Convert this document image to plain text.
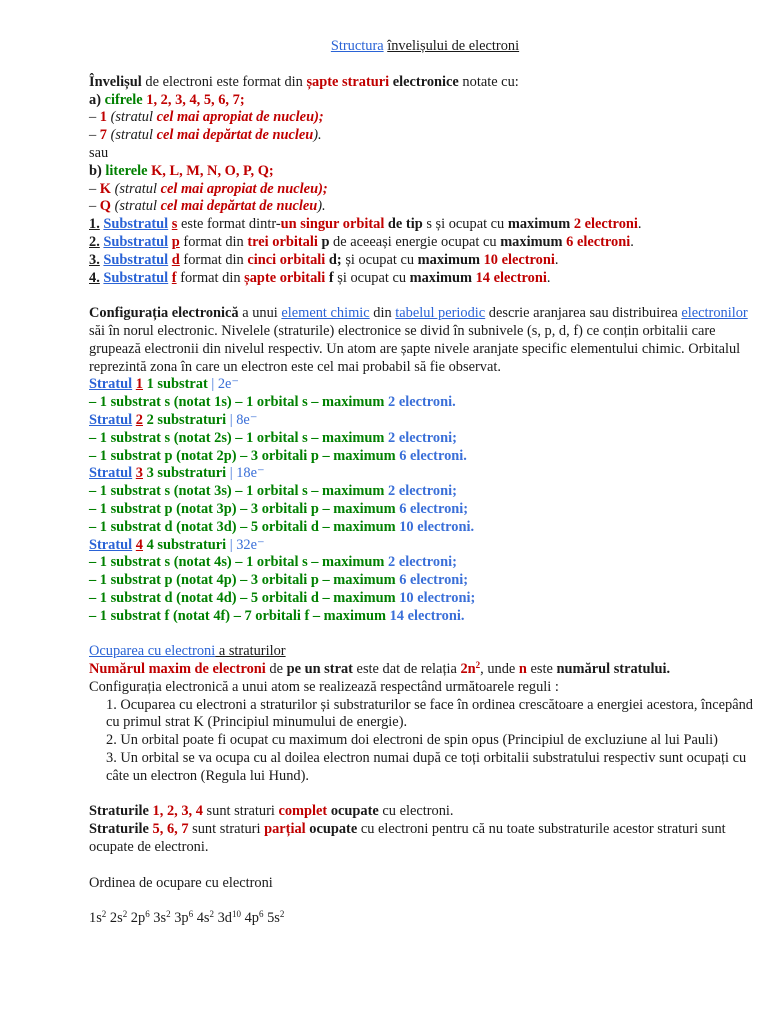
Structura învelișului de electroni
Învelișul de electroni este format din șapte straturi electronice notate cu:
a) cifrele 1, 2, 3, 4, 5, 6, 7;
– 1 (stratul cel mai apropiat de nucleu);
– 7 (stratul cel mai depărtat de nucleu).
sau
b) literele K, L, M, N, O, P, Q;
– K (stratul cel mai apropiat de nucleu);
– Q (stratul cel mai depărtat de nucleu).
1. Substratul s este format dintr-un singur orbital de tip s și ocupat cu maximum 2 electroni.
2. Substratul p format din trei orbitali p de aceeași energie ocupat cu maximum 6 electroni.
3. Substratul d format din cinci orbitali d; și ocupat cu maximum 10 electroni.
4. Substratul f format din șapte orbitali f și ocupat cu maximum 14 electroni.
Configurația electronică a unui element chimic din tabelul periodic descrie aranjarea sau distribuirea electronilor săi în norul electronic. Nivelele (straturile) electronice se divid în subnivele (s, p, d, f) ce conțin orbitalii care grupează electronii din nivelul respectiv. Un atom are șapte nivele aranjate specific elementului chimic. Orbitalul reprezintă zona în care un electron este cel mai probabil să fie observat.
Stratul 1 1 substrat | 2e⁻
– 1 substrat s (notat 1s) – 1 orbital s – maximum 2 electroni.
Stratul 2 2 substraturi | 8e⁻
– 1 substrat s (notat 2s) – 1 orbital s – maximum 2 electroni;
– 1 substrat p (notat 2p) – 3 orbitali p – maximum 6 electroni.
Stratul 3 3 substraturi | 18e⁻
– 1 substrat s (notat 3s) – 1 orbital s – maximum 2 electroni;
– 1 substrat p (notat 3p) – 3 orbitali p – maximum 6 electroni;
– 1 substrat d (notat 3d) – 5 orbitali d – maximum 10 electroni.
Stratul 4 4 substraturi | 32e⁻
– 1 substrat s (notat 4s) – 1 orbital s – maximum 2 electroni;
– 1 substrat p (notat 4p) – 3 orbitali p – maximum 6 electroni;
– 1 substrat d (notat 4d) – 5 orbitali d – maximum 10 electroni;
– 1 substrat f (notat 4f) – 7 orbitali f – maximum 14 electroni.
Ocuparea cu electroni a straturilor
Numărul maxim de electroni de pe un strat este dat de relația $2n^2$, unde n este numărul stratului.
Configurația electronică a unui atom se realizează respectând următoarele reguli :
1. Ocuparea cu electroni a straturilor și substraturilor se face în ordinea crescătoare a energiei acestora, începând cu primul strat K (Principiul minumului de energie).
2. Un orbital poate fi ocupat cu maximum doi electroni de spin opus (Principiul de excluziune al lui Pauli)
3. Un orbital se va ocupa cu al doilea electron numai după ce toți orbitalii substratului respectiv sunt ocupați cu câte un electron (Regula lui Hund).
Straturile 1, 2, 3, 4 sunt straturi complet ocupate cu electroni.
Straturile 5, 6, 7 sunt straturi parțial ocupate cu electroni pentru că nu toate substraturile acestor straturi sunt ocupate de electroni.
Ordinea de ocupare cu electroni
$1s^2$ $2s^2$ $2p^6$ $3s^2$ $3p^6$ $4s^2$ $3d^{10}$ $4p^6$ $5s^2$
